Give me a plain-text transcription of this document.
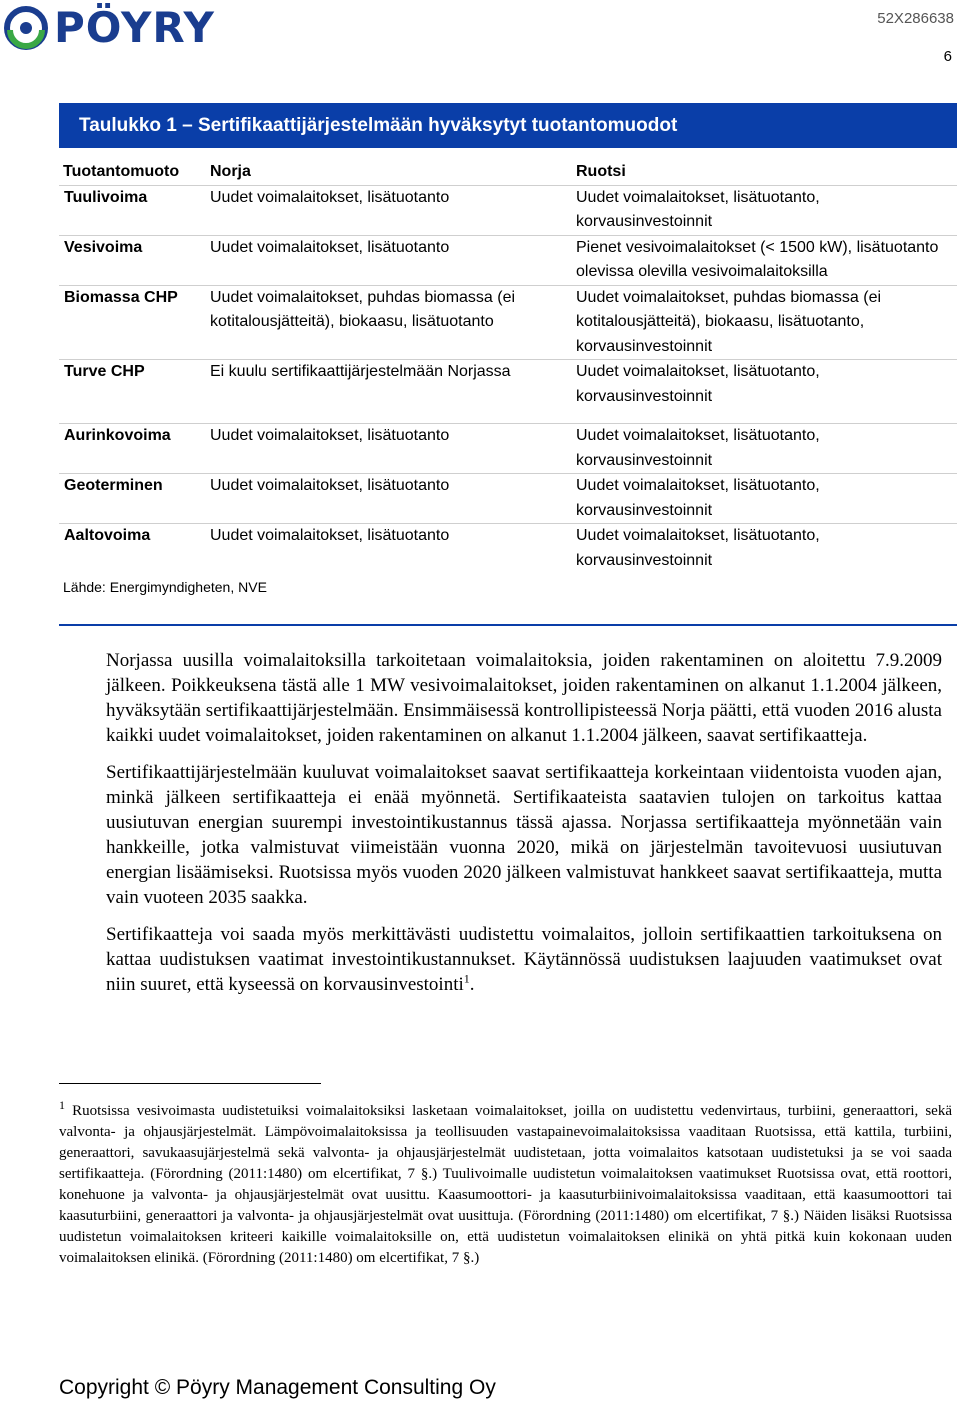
PÖYRY	52X286638
6
Taulukko 1 – Sertifikaattijärjestelmään hyväksytyt tuotantomuodot
Tuotantomuoto	Norja	Ruotsi
Tuulivoima	Uudet voimalaitokset, lisätuotanto	Uudet voimalaitokset, lisätuotanto, korvausinvestoinnit
Vesivoima	Uudet voimalaitokset, lisätuotanto	Pienet vesivoimalaitokset (< 1500 kW), lisätuotanto olevissa olevilla vesivoimalaitoksilla
Biomassa CHP	Uudet voimalaitokset, puhdas biomassa (ei kotitalousjätteitä), biokaasu, lisätuotanto	Uudet voimalaitokset, puhdas biomassa (ei kotitalousjätteitä), biokaasu, lisätuotanto, korvausinvestoinnit
Turve CHP	Ei kuulu sertifikaattijärjestelmään Norjassa	Uudet voimalaitokset, lisätuotanto, korvausinvestoinnit
Aurinkovoima	Uudet voimalaitokset, lisätuotanto	Uudet voimalaitokset, lisätuotanto, korvausinvestoinnit
Geoterminen	Uudet voimalaitokset, lisätuotanto	Uudet voimalaitokset, lisätuotanto, korvausinvestoinnit
Aaltovoima	Uudet voimalaitokset, lisätuotanto	Uudet voimalaitokset, lisätuotanto, korvausinvestoinnit
Lähde: Energimyndigheten, NVE		

Norjassa uusilla voimalaitoksilla tarkoitetaan voimalaitoksia, joiden rakentaminen on aloitettu 7.9.2009 jälkeen. Poikkeuksena tästä alle 1 MW vesivoimalaitokset, joiden rakentaminen on alkanut 1.1.2004 jälkeen, hyväksytään sertifikaattijärjestelmään. Ensimmäisessä kontrollipisteessä Norja päätti, että vuoden 2016 alusta kaikki uudet voimalaitokset, joiden rakentaminen on alkanut 1.1.2004 jälkeen, saavat sertifikaatteja.

Sertifikaattijärjestelmään kuuluvat voimalaitokset saavat sertifikaatteja korkeintaan viidentoista vuoden ajan, minkä jälkeen sertifikaatteja ei enää myönnetä. Sertifikaateista saatavien tulojen on tarkoitus kattaa uusiutuvan energian suurempi investointikustannus tässä ajassa. Norjassa sertifikaatteja myönnetään vain hankkeille, jotka valmistuvat viimeistään vuonna 2020, mikä on järjestelmän tavoitevuosi uusiutuvan energian lisäämiseksi. Ruotsissa myös vuoden 2020 jälkeen valmistuvat hankkeet saavat sertifikaatteja, mutta vain vuoteen 2035 saakka.

Sertifikaatteja voi saada myös merkittävästi uudistettu voimalaitos, jolloin sertifikaattien tarkoituksena on kattaa uudistuksen vaatimat investointikustannukset. Käytännössä uudistuksen laajuuden vaatimukset ovat niin suuret, että kyseessä on korvausinvestointi$^1$.

$^1$ Ruotsissa vesivoimasta uudistetuiksi voimalaitoksiksi lasketaan voimalaitokset, joilla on uudistettu vedenvirtaus, turbiini, generaattori, sekä valvonta- ja ohjausjärjestelmät. Lämpövoimalaitoksissa ja teollisuuden vastapainevoimalaitoksissa vaaditaan Ruotsissa, että kattila, turbiini, generaattori, savukaasujärjestelmä sekä valvonta- ja ohjausjärjestelmät uudistetaan, jotta voimalaitos katsotaan uudistetuksi ja se voi saada sertifikaatteja. (Förordning (2011:1480) om elcertifikat, 7 §.) Tuulivoimalle uudistetun voimalaitoksen vaatimukset Ruotsissa ovat, että roottori, konehuone ja valvonta- ja ohjausjärjestelmät ovat uusittu. Kaasumoottori- ja kaasuturbiinivoimalaitoksissa vaaditaan, että kaasumoottori tai kaasuturbiini, generaattori ja valvonta- ja ohjausjärjestelmät ovat uusittuja. (Förordning (2011:1480) om elcertifikat, 7 §.) Näiden lisäksi Ruotsissa uudistetun voimalaitoksen kriteeri kaikille voimalaitoksille on, että uudistetun voimalaitoksen elinikä on yhtä pitkä kuin kokonaan uuden voimalaitoksen elinikä. (Förordning (2011:1480) om elcertifikat, 7 §.)
Copyright © Pöyry Management Consulting Oy
